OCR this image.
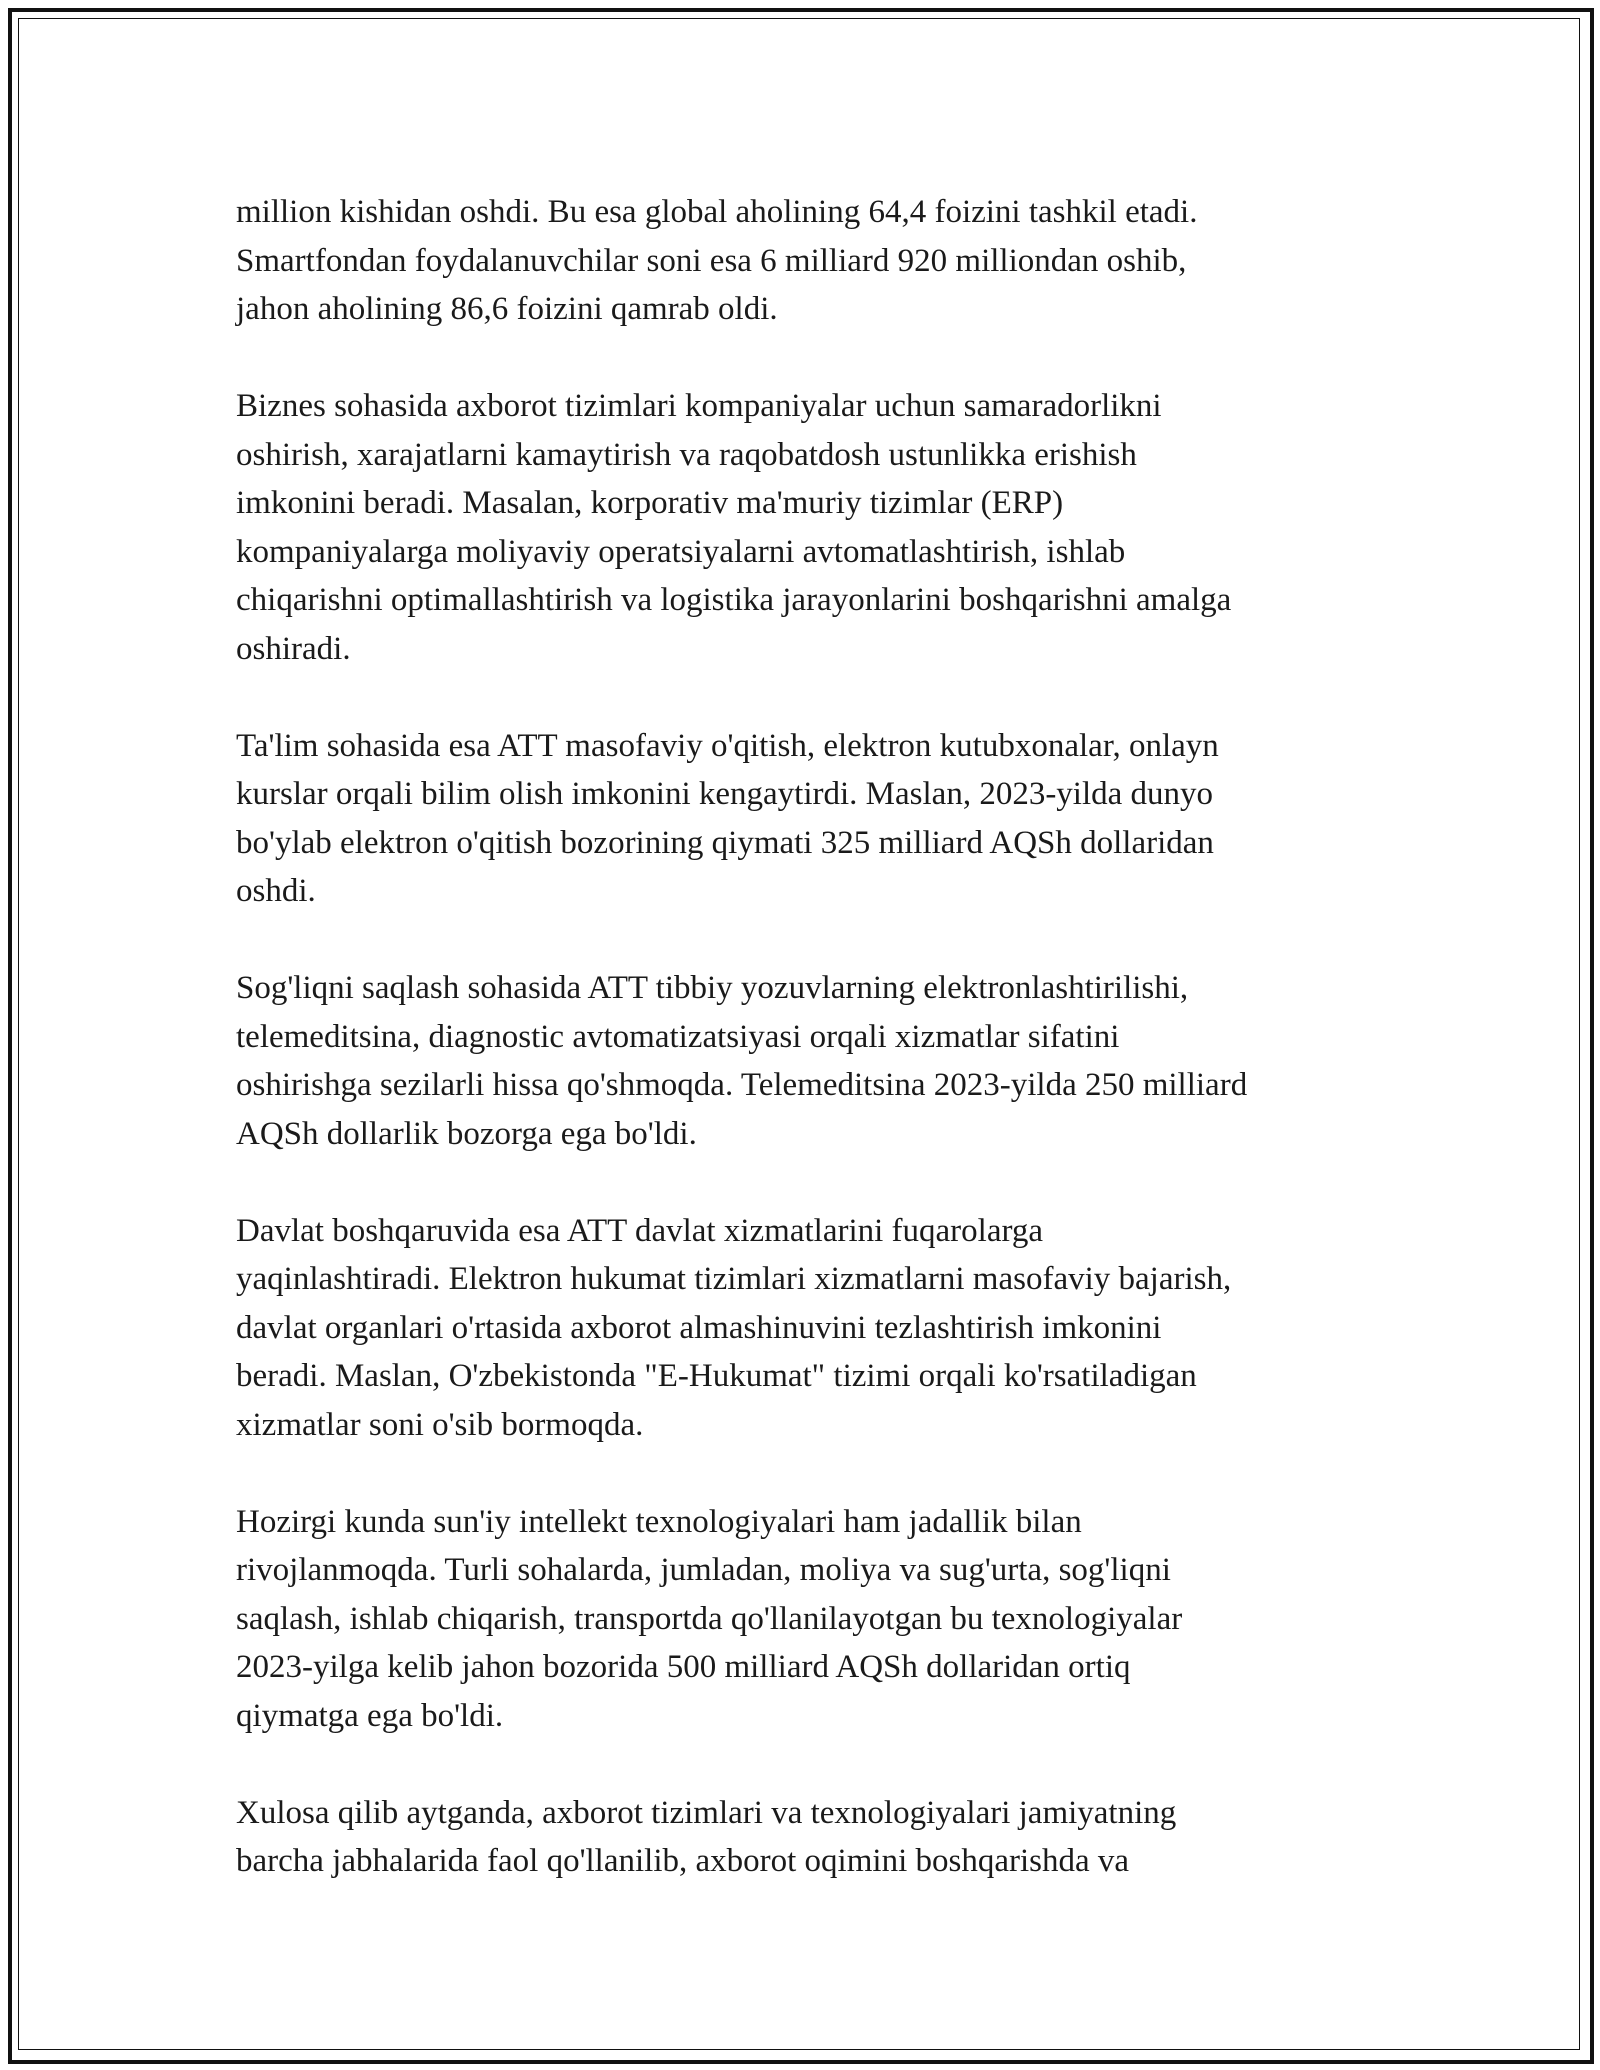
million kishidan oshdi. Bu esa global aholining 64,4 foizini tashkil etadi.
Smartfondan foydalanuvchilar soni esa 6 milliard 920 milliondan oshib,
jahon aholining 86,6 foizini qamrab oldi.

Biznes sohasida axborot tizimlari kompaniyalar uchun samaradorlikni
oshirish, xarajatlarni kamaytirish va raqobatdosh ustunlikka erishish
imkonini beradi. Masalan, korporativ ma'muriy tizimlar (ERP)
kompaniyalarga moliyaviy operatsiyalarni avtomatlashtirish, ishlab
chiqarishni optimallashtirish va logistika jarayonlarini boshqarishni amalga
oshiradi.

Ta'lim sohasida esa ATT masofaviy o'qitish, elektron kutubxonalar, onlayn
kurslar orqali bilim olish imkonini kengaytirdi. Maslan, 2023-yilda dunyo
bo'ylab elektron o'qitish bozorining qiymati 325 milliard AQSh dollaridan
oshdi.

Sog'liqni saqlash sohasida ATT tibbiy yozuvlarning elektronlashtirilishi,
telemeditsina, diagnostic avtomatizatsiyasi orqali xizmatlar sifatini
oshirishga sezilarli hissa qo'shmoqda. Telemeditsina 2023-yilda 250 milliard
AQSh dollarlik bozorga ega bo'ldi.

Davlat boshqaruvida esa ATT davlat xizmatlarini fuqarolarga
yaqinlashtiradi. Elektron hukumat tizimlari xizmatlarni masofaviy bajarish,
davlat organlari o'rtasida axborot almashinuvini tezlashtirish imkonini
beradi. Maslan, O'zbekistonda "E-Hukumat" tizimi orqali ko'rsatiladigan
xizmatlar soni o'sib bormoqda.

Hozirgi kunda sun'iy intellekt texnologiyalari ham jadallik bilan
rivojlanmoqda. Turli sohalarda, jumladan, moliya va sug'urta, sog'liqni
saqlash, ishlab chiqarish, transportda qo'llanilayotgan bu texnologiyalar
2023-yilga kelib jahon bozorida 500 milliard AQSh dollaridan ortiq
qiymatga ega bo'ldi.

Xulosa qilib aytganda, axborot tizimlari va texnologiyalari jamiyatning
barcha jabhalarida faol qo'llanilib, axborot oqimini boshqarishda va
